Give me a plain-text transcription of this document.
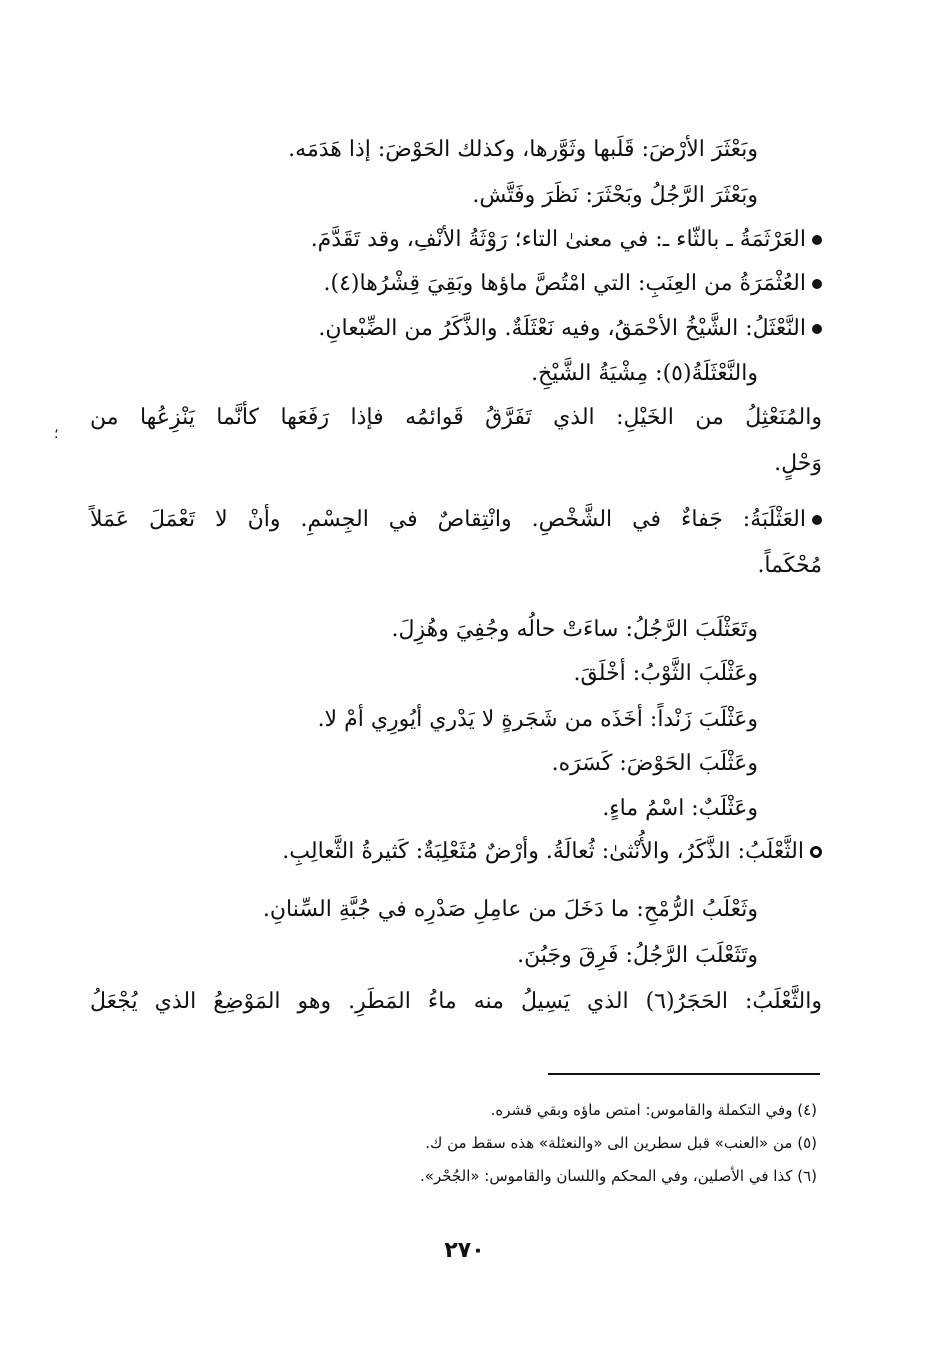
وبَعْثَرَ الأرْضَ: قَلَبها وثَوَّرها، وكذلك الحَوْضَ: إذا هَدَمَه.
وبَعْثَرَ الرَّجُلُ وبَحْثَرَ: نَظَرَ وفَتَّش.
العَرْثَمَةُ ـ بالثّاء ـ: في معنىٰ التاء؛ رَوْثَةُ الأنْفِ، وقد تَقَدَّمَ.
العُثْمَرَةُ من العِنَبِ: التي امْتُصَّ ماؤها وبَقِيَ قِشْرُها(٤).
النَّعْثَلُ: الشَّيْخُ الأحْمَقُ، وفيه نَعْثَلَةٌ. والذَّكَرُ من الضِّبْعانِ.
والنَّعْثَلَةُ(٥): مِشْيَةُ الشَّيْخِ.
والمُنَعْثِلُ من الخَيْلِ: الذي تَفَرَّقُ قَوائمُه فإذا رَفَعَها كأنَّما يَنْزِعُها من
وَحْلٍ.
العَثْلَبَةُ: جَفاءٌ في الشَّخْصِ. وانْتِقاصٌ في الجِسْمِ. وأنْ لا تَعْمَلَ عَمَلاً
مُحْكَماً.
وتَعَثْلَبَ الرَّجُلُ: ساءَتْ حالُه وجُفِيَ وهُزِلَ.
وعَثْلَبَ الثَّوْبُ: أخْلَقَ.
وعَثْلَبَ زَنْداً: أخَذَه من شَجَرةٍ لا يَدْري أيُورِي أمْ لا.
وعَثْلَبَ الحَوْضَ: كَسَرَه.
وعَثْلَبٌ: اسْمُ ماءٍ.
الثَّعْلَبُ: الذَّكَرُ، والأُنْثىٰ: ثُعالَةُ. وأرْضٌ مُثَعْلِبَةٌ: كَثيرةُ الثَّعالِبِ.
وثَعْلَبُ الرُّمْحِ: ما دَخَلَ من عامِلِ صَدْرِه في جُبَّةِ السِّنانِ.
وتَثَعْلَبَ الرَّجُلُ: فَرِقَ وجَبُنَ.
والثَّعْلَبُ: الحَجَرُ(٦) الذي يَسِيلُ منه ماءُ المَطَرِ. وهو المَوْضِعُ الذي يُجْعَلُ
؛
(٤) وفي التكملة والقاموس: امتص ماؤه وبقي قشره.
(٥) من «العنب» قبل سطرين الى «والنعثلة» هذه سقط من ك.
(٦) كذا في الأصلين، وفي المحكم واللسان والقاموس: «الجُحْر».
٢٧٠
